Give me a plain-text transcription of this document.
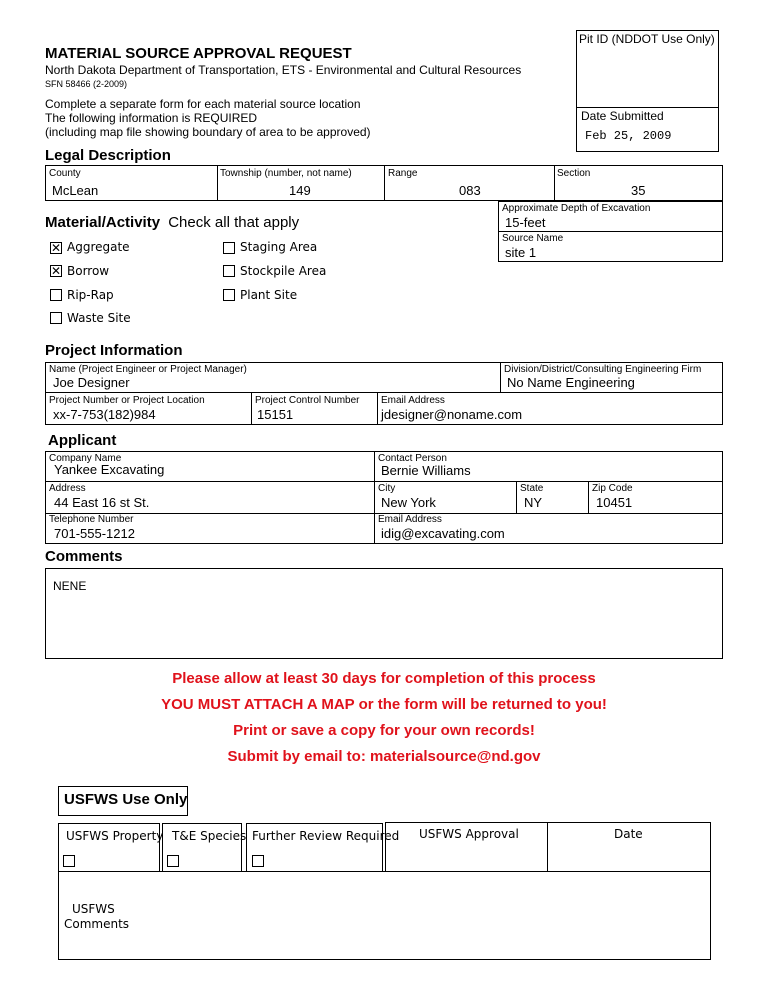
MATERIAL SOURCE APPROVAL REQUEST
North Dakota Department of Transportation, ETS - Environmental and Cultural Resources
SFN 58466 (2-2009)
Complete a separate form for each material source location
The following information is REQUIRED
(including map file showing boundary of area to be approved)
Pit ID (NDDOT Use Only)
Date Submitted
Feb 25, 2009
Legal Description
County
McLean
Township (number, not name)
149
Range
083
Section
35
Material/Activity Check all that apply
Approximate Depth of Excavation
15-feet
Source Name
site 1
✕ Aggregate
✕ Borrow
Rip-Rap
Waste Site
Staging Area
Stockpile Area
Plant Site
Project Information
Name (Project Engineer or Project Manager)
Joe Designer
Division/District/Consulting Engineering Firm
No Name Engineering
Project Number or Project Location
xx-7-753(182)984
Project Control Number
15151
Email Address
jdesigner@noname.com
Applicant
Company Name
Yankee Excavating
Contact Person
Bernie Williams
Address
44 East 16 st St.
City
New York
State
NY
Zip Code
10451
Telephone Number
701-555-1212
Email Address
idig@excavating.com
Comments
NENE
Please allow at least 30 days for completion of this process
YOU MUST ATTACH A MAP or the form will be returned to you!
Print or save a copy for your own records!
Submit by email to: materialsource@nd.gov
USFWS Use Only
USFWS Property T&E Species Further Review Required USFWS Approval	Date
USFWS
Comments
